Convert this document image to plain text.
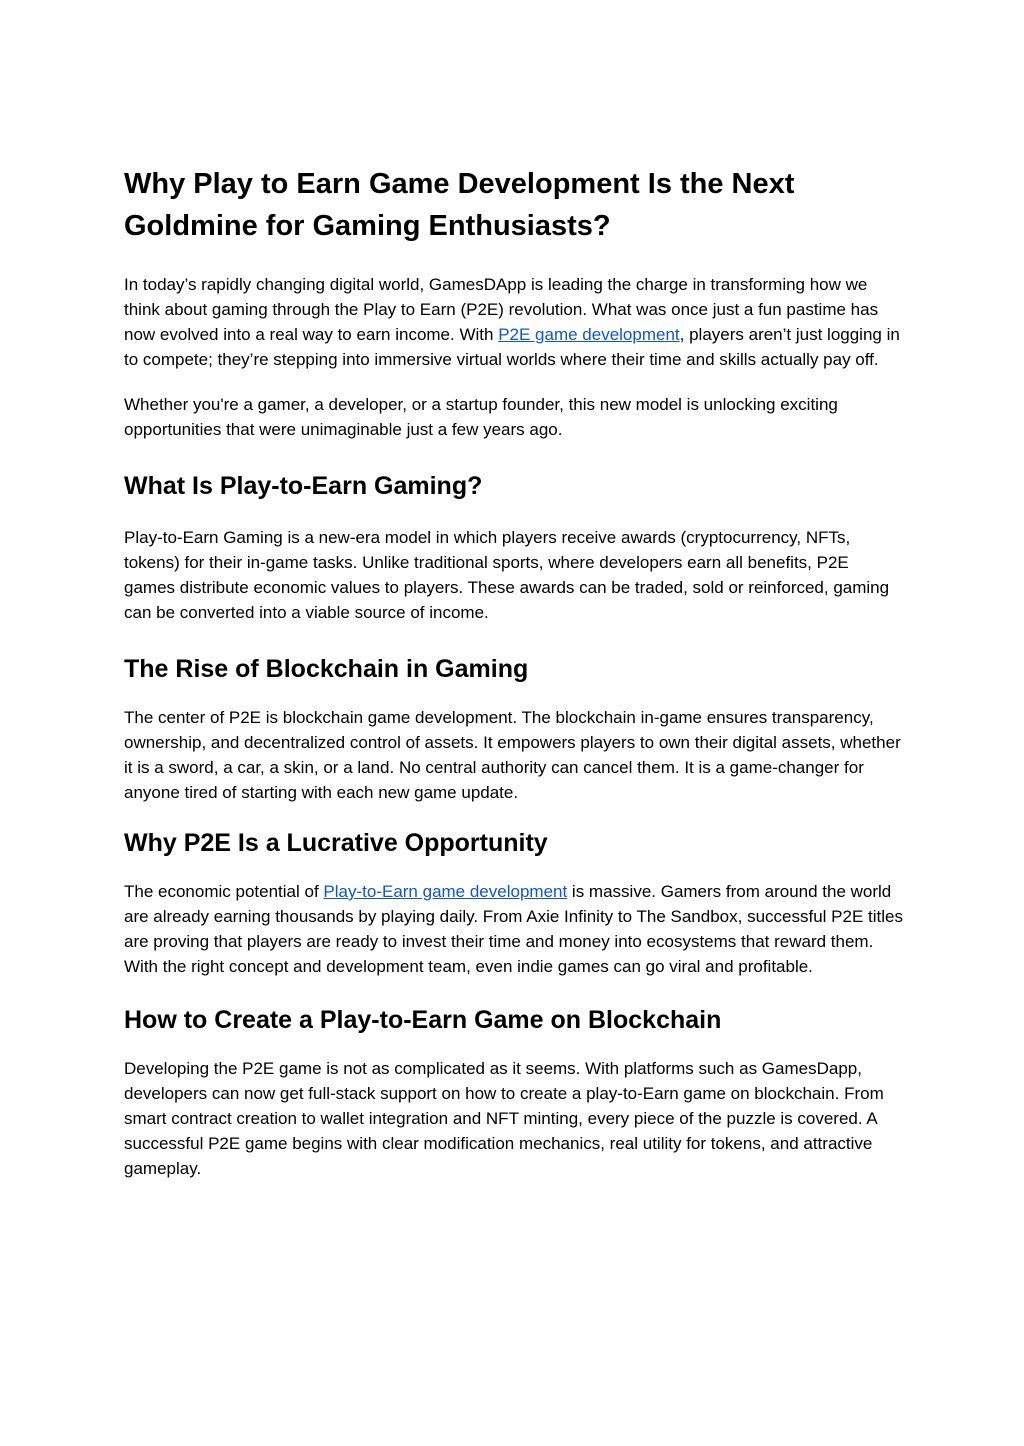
Why Play to Earn Game Development Is the Next Goldmine for Gaming Enthusiasts?

In today’s rapidly changing digital world, GamesDApp is leading the charge in transforming how we think about gaming through the Play to Earn (P2E) revolution. What was once just a fun pastime has now evolved into a real way to earn income. With P2E game development, players aren’t just logging in to compete; they’re stepping into immersive virtual worlds where their time and skills actually pay off.

Whether you're a gamer, a developer, or a startup founder, this new model is unlocking exciting opportunities that were unimaginable just a few years ago.

What Is Play-to-Earn Gaming?

Play-to-Earn Gaming is a new-era model in which players receive awards (cryptocurrency, NFTs, tokens) for their in-game tasks. Unlike traditional sports, where developers earn all benefits, P2E games distribute economic values to players. These awards can be traded, sold or reinforced, gaming can be converted into a viable source of income.

The Rise of Blockchain in Gaming

The center of P2E is blockchain game development. The blockchain in-game ensures transparency, ownership, and decentralized control of assets. It empowers players to own their digital assets, whether it is a sword, a car, a skin, or a land. No central authority can cancel them. It is a game-changer for anyone tired of starting with each new game update.

Why P2E Is a Lucrative Opportunity

The economic potential of Play-to-Earn game development is massive. Gamers from around the world are already earning thousands by playing daily. From Axie Infinity to The Sandbox, successful P2E titles are proving that players are ready to invest their time and money into ecosystems that reward them. With the right concept and development team, even indie games can go viral and profitable.

How to Create a Play-to-Earn Game on Blockchain

Developing the P2E game is not as complicated as it seems. With platforms such as GamesDapp, developers can now get full-stack support on how to create a play-to-Earn game on blockchain. From smart contract creation to wallet integration and NFT minting, every piece of the puzzle is covered. A successful P2E game begins with clear modification mechanics, real utility for tokens, and attractive gameplay.
